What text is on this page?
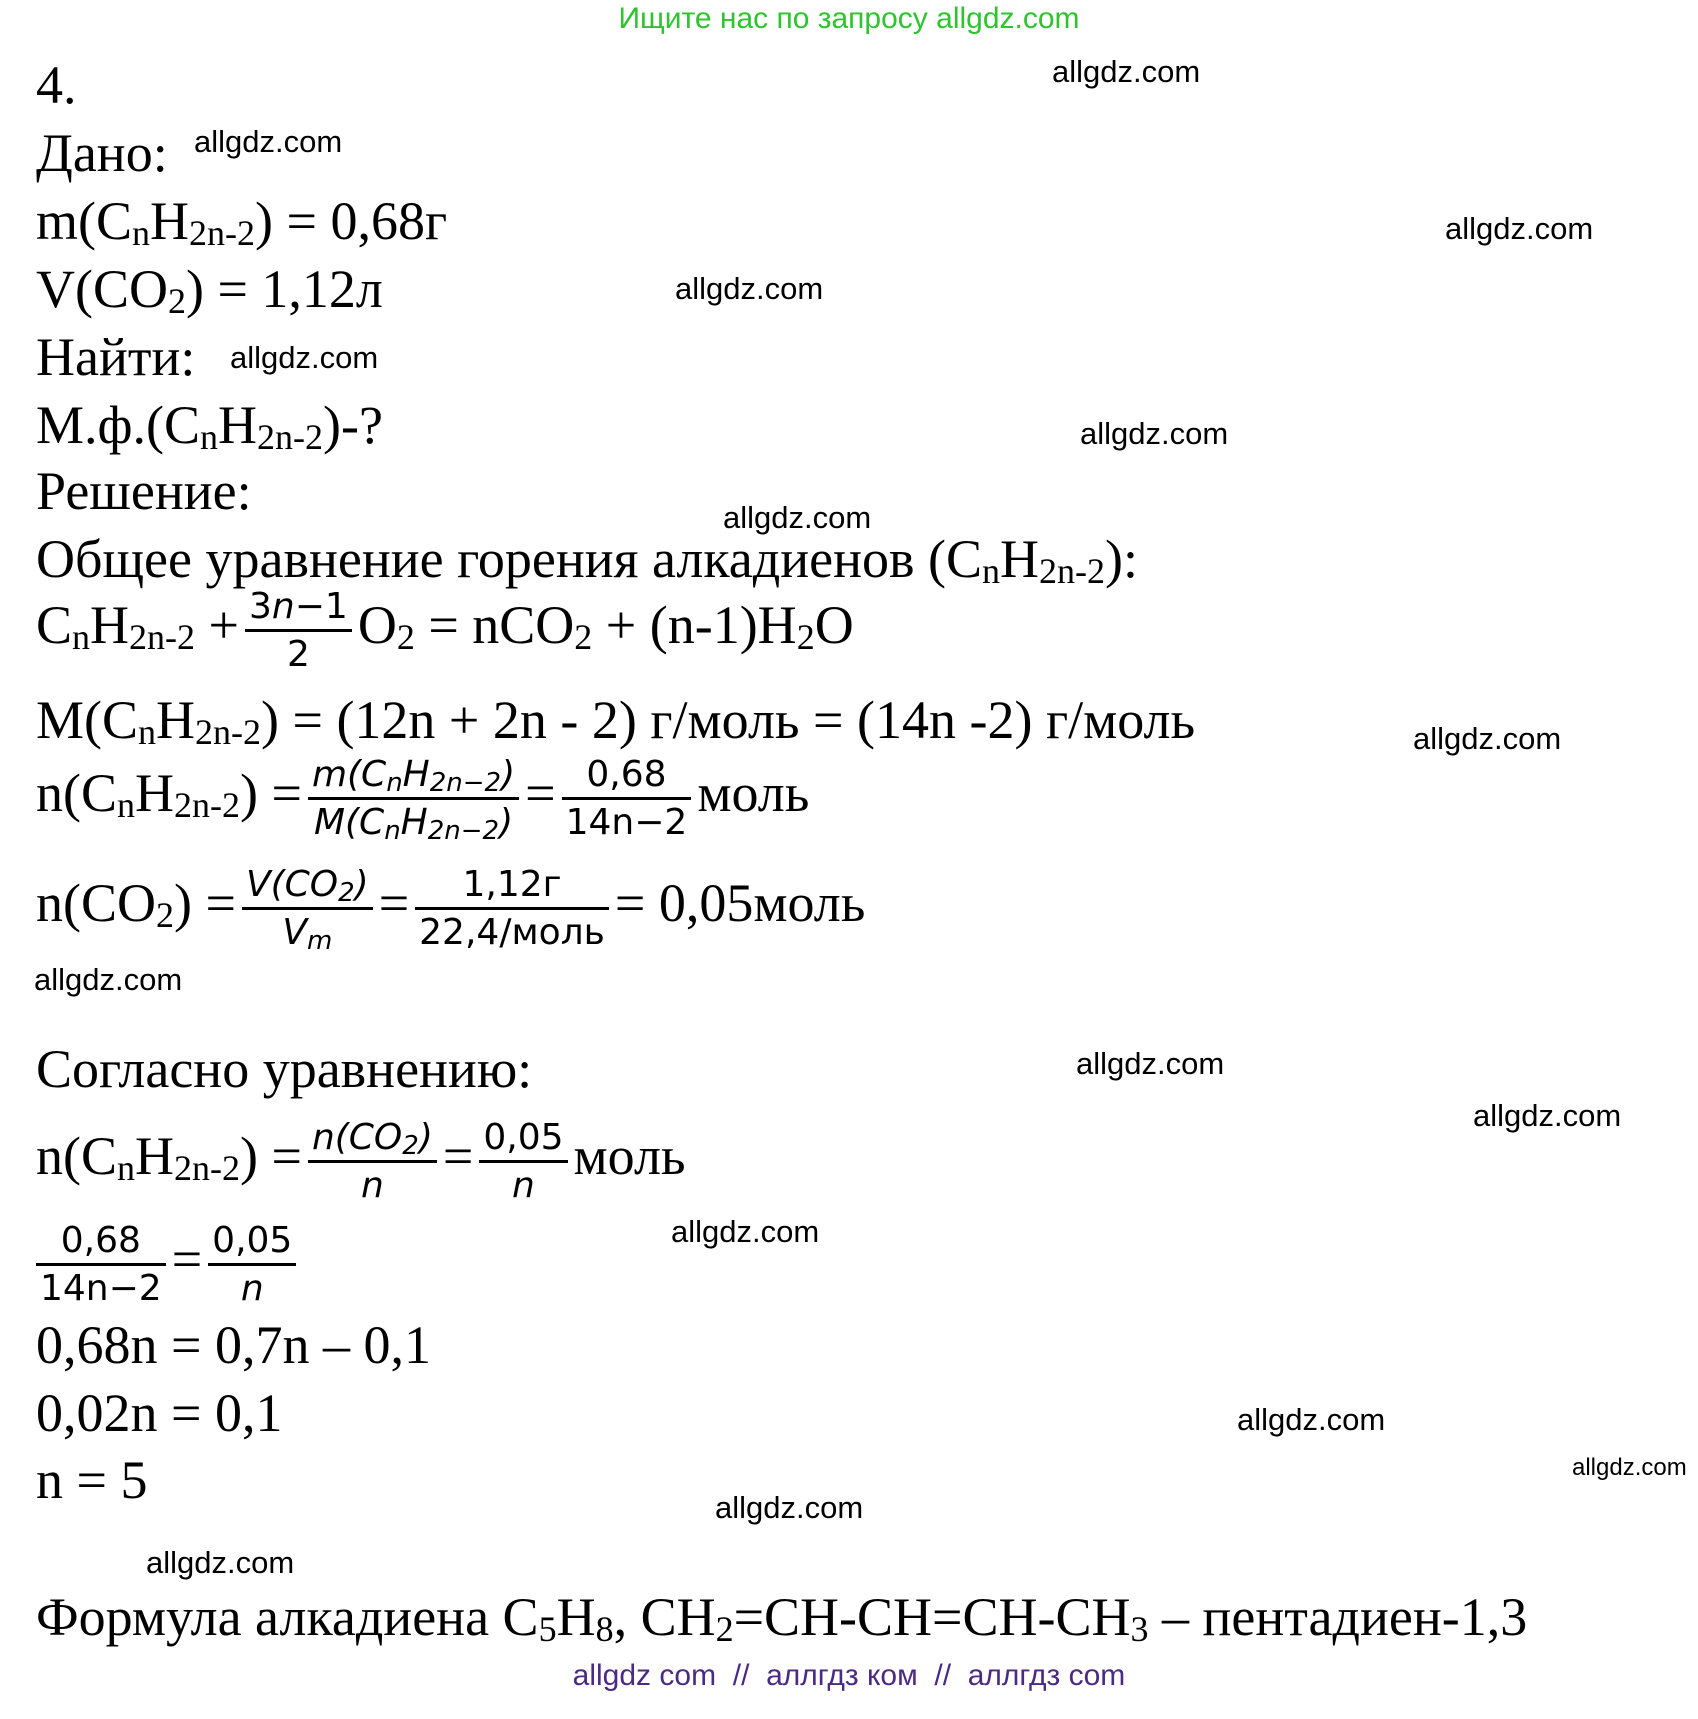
Ищите нас по запросу allgdz.com
allgdz.com
allgdz.com
allgdz.com
allgdz.com
allgdz.com
allgdz.com
allgdz.com
allgdz.com
allgdz.com
allgdz.com
allgdz.com
allgdz.com
allgdz.com
allgdz.com
allgdz.com
allgdz.com
4.
Дано:
$m(C_nH_{2n-2}) = 0,68г$
$V(CO_2) = 1,12л$
Найти:
$М.ф.(C_nH_{2n-2})-$?
Решение:
Общее уравнение горения алкадиенов $(C_nH_{2n-2})$:
$C_nH_{2n-2} + \frac{3n-1}{2} O_2 = nCO_2 + (n-1)H_2O$
$M(C_nH_{2n-2}) = (12n + 2n - 2)$ г/моль = (14n -2) г/моль
$n(C_nH_{2n-2}) = \frac{m(C_nH_{2n-2})}{M(C_nH_{2n-2})} = \frac{0,68}{14n-2}$ моль
$n(CO_2) = \frac{V(CO_2)}{V_m} = \frac{1,12г}{\text{22,4/моль}}$ = 0,05моль
Согласно уравнению:
$n(C_nH_{2n-2}) = \frac{n(CO_2)}{n} = \frac{0,05}{n}$ моль
$\frac{0,68}{14n-2} = \frac{0,05}{n}$
0,68n = 0,7n – 0,1
0,02n = 0,1
n = 5
Формула алкадиена $C_5H_8$, $CH_2=CH-CH=CH-CH_3$ – пентадиен-1,3
allgdz com  //  аллгдз ком  //  аллгдз com
